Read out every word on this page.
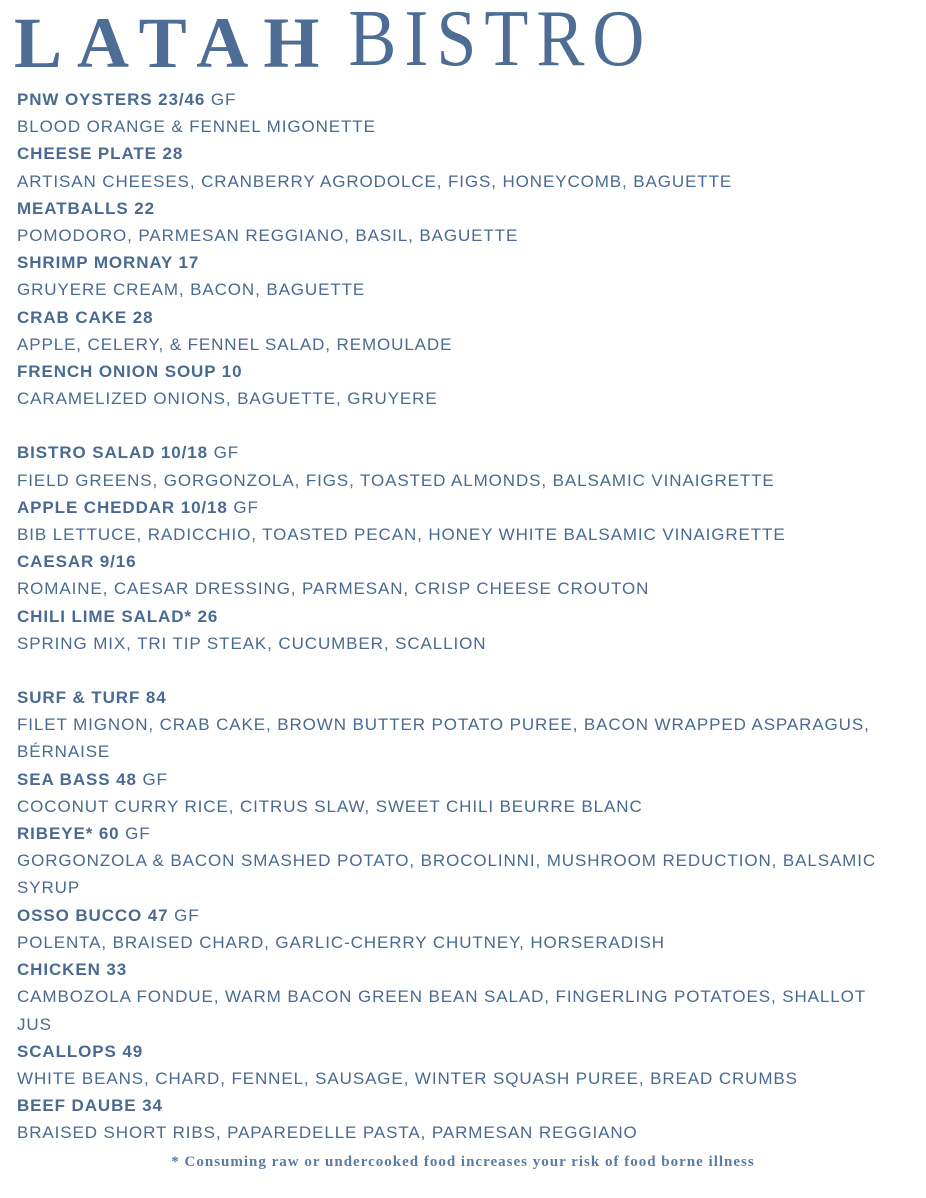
LATAH BISTRO
PNW OYSTERS 23/46 GF
BLOOD ORANGE & FENNEL MIGONETTE
CHEESE PLATE 28
ARTISAN CHEESES, CRANBERRY AGRODOLCE, FIGS, HONEYCOMB, BAGUETTE
MEATBALLS 22
POMODORO, PARMESAN REGGIANO, BASIL, BAGUETTE
SHRIMP MORNAY 17
GRUYERE CREAM, BACON, BAGUETTE
CRAB CAKE 28
APPLE, CELERY, & FENNEL SALAD, REMOULADE
FRENCH ONION SOUP 10
CARAMELIZED ONIONS, BAGUETTE, GRUYERE
BISTRO SALAD 10/18 GF
FIELD GREENS, GORGONZOLA, FIGS, TOASTED ALMONDS, BALSAMIC VINAIGRETTE
APPLE CHEDDAR 10/18 GF
BIB LETTUCE, RADICCHIO, TOASTED PECAN, HONEY WHITE BALSAMIC VINAIGRETTE
CAESAR 9/16
ROMAINE, CAESAR DRESSING, PARMESAN, CRISP CHEESE CROUTON
CHILI LIME SALAD* 26
SPRING MIX, TRI TIP STEAK, CUCUMBER, SCALLION
SURF & TURF 84
FILET MIGNON, CRAB CAKE, BROWN BUTTER POTATO PUREE, BACON WRAPPED ASPARAGUS,
BÉRNAISE
SEA BASS 48 GF
COCONUT CURRY RICE, CITRUS SLAW, SWEET CHILI BEURRE BLANC
RIBEYE* 60 GF
GORGONZOLA & BACON SMASHED POTATO, BROCOLINNI, MUSHROOM REDUCTION, BALSAMIC
SYRUP
OSSO BUCCO 47 GF
POLENTA, BRAISED CHARD, GARLIC-CHERRY CHUTNEY, HORSERADISH
CHICKEN 33
CAMBOZOLA FONDUE, WARM BACON GREEN BEAN SALAD, FINGERLING POTATOES, SHALLOT
JUS
SCALLOPS 49
WHITE BEANS, CHARD, FENNEL, SAUSAGE, WINTER SQUASH PUREE, BREAD CRUMBS
BEEF DAUBE 34
BRAISED SHORT RIBS, PAPAREDELLE PASTA, PARMESAN REGGIANO
* Consuming raw or undercooked food increases your risk of food borne illness
